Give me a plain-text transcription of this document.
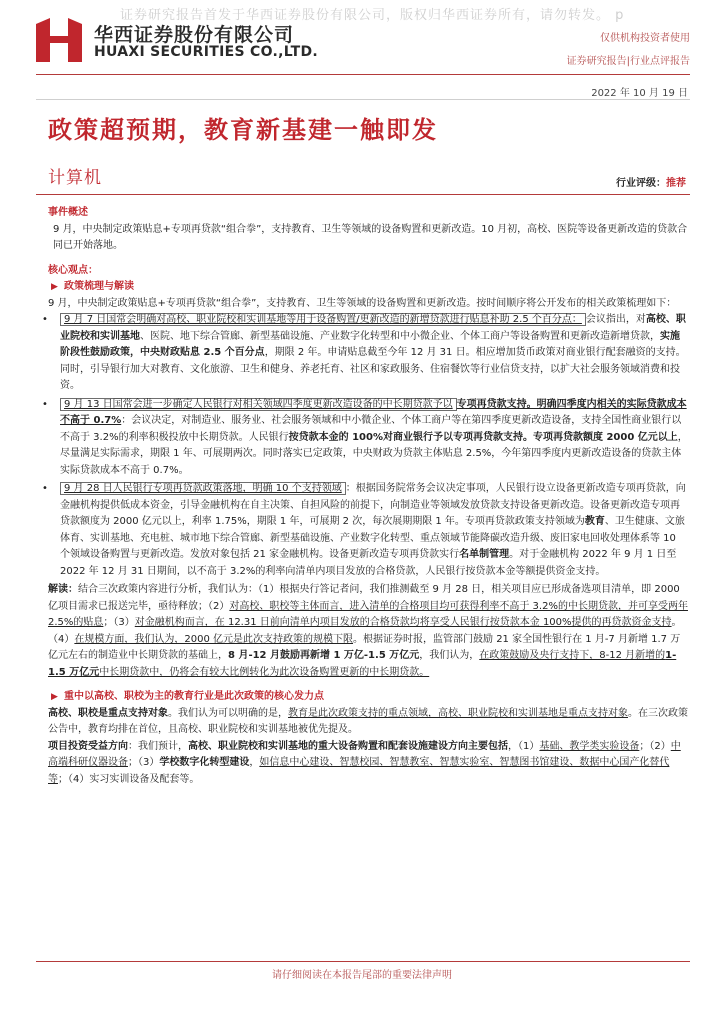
证券研究报告首发于华西证券股份有限公司，版权归华西证券所有，请勿转发。 p
华西证券股份有限公司
HUAXI SECURITIES CO.,LTD.
仅供机构投资者使用
证券研究报告|行业点评报告
2022 年 10 月 19 日
政策超预期，教育新基建一触即发
计算机	行业评级：推荐

事件概述

9 月，中央制定政策贴息+专项再贷款“组合拳”，支持教育、卫生等领域的设备购置和更新改造。10 月初，高校、医院等设备更新改造的贷款合同已开始落地。

核心观点：

▶ 政策梳理与解读

9 月，中央制定政策贴息+专项再贷款“组合拳”，支持教育、卫生等领域的设备购置和更新改造。按时间顺序将公开发布的相关政策梳理如下：

• 9 月 7 日国常会明确对高校、职业院校和实训基地等用于设备购置/更新改造的新增贷款进行贴息补助 2.5 个百分点： 会议指出，对高校、职业院校和实训基地、医院、地下综合管廊、新型基础设施、产业数字化转型和中小微企业、个体工商户等设备购置和更新改造新增贷款，实施阶段性鼓励政策，中央财政贴息 2.5 个百分点，期限 2 年。申请贴息截至今年 12 月 31 日。相应增加货币政策对商业银行配套融资的支持。同时，引导银行加大对教育、文化旅游、卫生和健身、养老托育、社区和家政服务、住宿餐饮等行业信贷支持，以扩大社会服务领域消费和投资。

• 9 月 13 日国常会进一步确定人民银行对相关领域四季度更新改造设备的中长期贷款予以 专项再贷款支持。明确四季度内相关的实际贷款成本不高于 0.7%：会议决定，对制造业、服务业、社会服务领域和中小微企业、个体工商户等在第四季度更新改造设备，支持全国性商业银行以不高于 3.2%的利率积极投放中长期贷款。人民银行按贷款本金的 100%对商业银行予以专项再贷款支持。专项再贷款额度 2000 亿元以上，尽量满足实际需求，期限 1 年、可展期两次。同时落实已定政策，中央财政为贷款主体贴息 2.5%，今年第四季度内更新改造设备的贷款主体实际贷款成本不高于 0.7%。

• 9 月 28 日人民银行专项再贷款政策落地，明确 10 个支持领域 ：根据国务院常务会议决定事项，人民银行设立设备更新改造专项再贷款，向金融机构提供低成本资金，引导金融机构在自主决策、自担风险的前提下，向制造业等领域发放贷款支持设备更新改造。设备更新改造专项再贷款额度为 2000 亿元以上，利率 1.75%，期限 1 年，可展期 2 次，每次展期期限 1 年。专项再贷款政策支持领域为教育、卫生健康、文旅体育、实训基地、充电桩、城市地下综合管廊、新型基础设施、产业数字化转型、重点领域节能降碳改造升级、废旧家电回收处理体系等 10 个领域设备购置与更新改造。发放对象包括 21 家金融机构。设备更新改造专项再贷款实行名单制管理。对于金融机构 2022 年 9 月 1 日至 2022 年 12 月 31 日期间，以不高于 3.2%的利率向清单内项目发放的合格贷款，人民银行按贷款本金等额提供资金支持。

解读：结合三次政策内容进行分析，我们认为：（1）根据央行答记者问，我们推测截至 9 月 28 日，相关项目应已形成备选项目清单，即 2000 亿项目需求已报送完毕，亟待释放；（2）对高校、职校等主体而言，进入清单的合格项目均可获得利率不高于 3.2%的中长期贷款，并可享受两年 2.5%的贴息；（3）对金融机构而言，在 12.31 日前向清单内项目发放的合格贷款均将享受人民银行按贷款本金 100%提供的再贷款资金支持。（4）在规模方面，我们认为，2000 亿元是此次支持政策的规模下限。根据证券时报，监管部门鼓励 21 家全国性银行在 1 月-7 月新增 1.7 万亿元左右的制造业中长期贷款的基础上，8 月-12 月鼓励再新增 1 万亿-1.5 万亿元，我们认为，在政策鼓励及央行支持下，8-12 月新增的1-1.5 万亿元中长期贷款中，仍将会有较大比例转化为此次设备购置更新的中长期贷款。

▶ 重中以高校、职校为主的教育行业是此次政策的核心发力点

高校、职校是重点支持对象。我们认为可以明确的是，教育是此次政策支持的重点领域，高校、职业院校和实训基地是重点支持对象。在三次政策公告中，教育均排在首位，且高校、职业院校和实训基地被优先提及。

项目投资受益方向：我们预计，高校、职业院校和实训基地的重大设备购置和配套设施建设方向主要包括，（1）基础、教学类实验设备；（2）中高端科研仪器设备；（3）学校数字化转型建设，如信息中心建设、智慧校园、智慧教室、智慧实验室、智慧图书馆建设、数据中心国产化替代等；（4）实习实训设备及配套等。

请仔细阅读在本报告尾部的重要法律声明
